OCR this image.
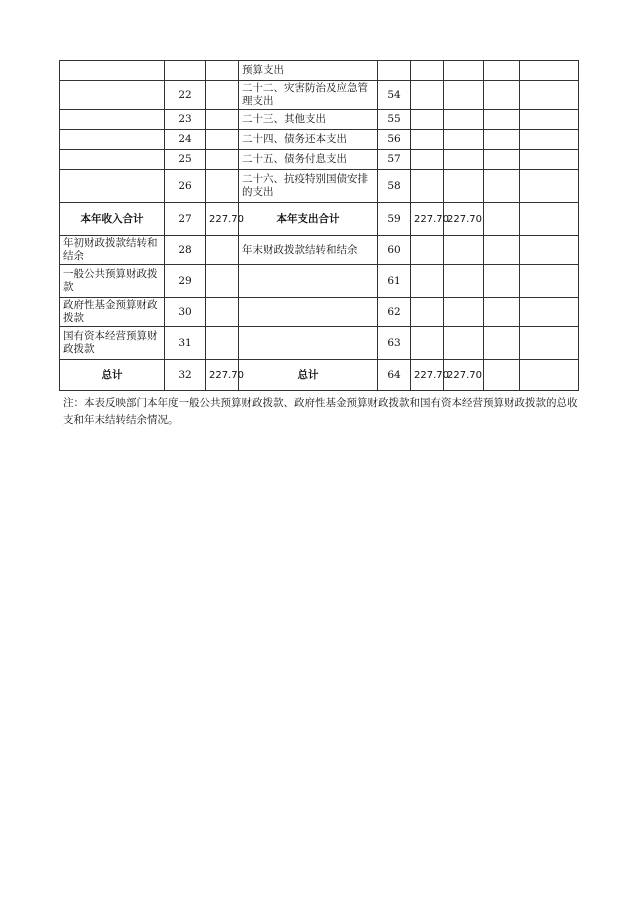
			预算支出					
	22		二十二、灾害防治及应急管理支出	54				
	23		二十三、其他支出	55				
	24		二十四、债务还本支出	56				
	25		二十五、债务付息支出	57				
	26		二十六、抗疫特别国债安排的支出	58				
本年收入合计	27	227.70	本年支出合计	59	227.70	227.70		
年初财政拨款结转和结余	28		年末财政拨款结转和结余	60				
一般公共预算财政拨款	29			61				
政府性基金预算财政拨款	30			62				
国有资本经营预算财政拨款	31			63				
总计	32	227.70	总计	64	227.70	227.70		
注：本表反映部门本年度一般公共预算财政拨款、政府性基金预算财政拨款和国有资本经营预算财政拨款的总收支和年末结转结余情况。
